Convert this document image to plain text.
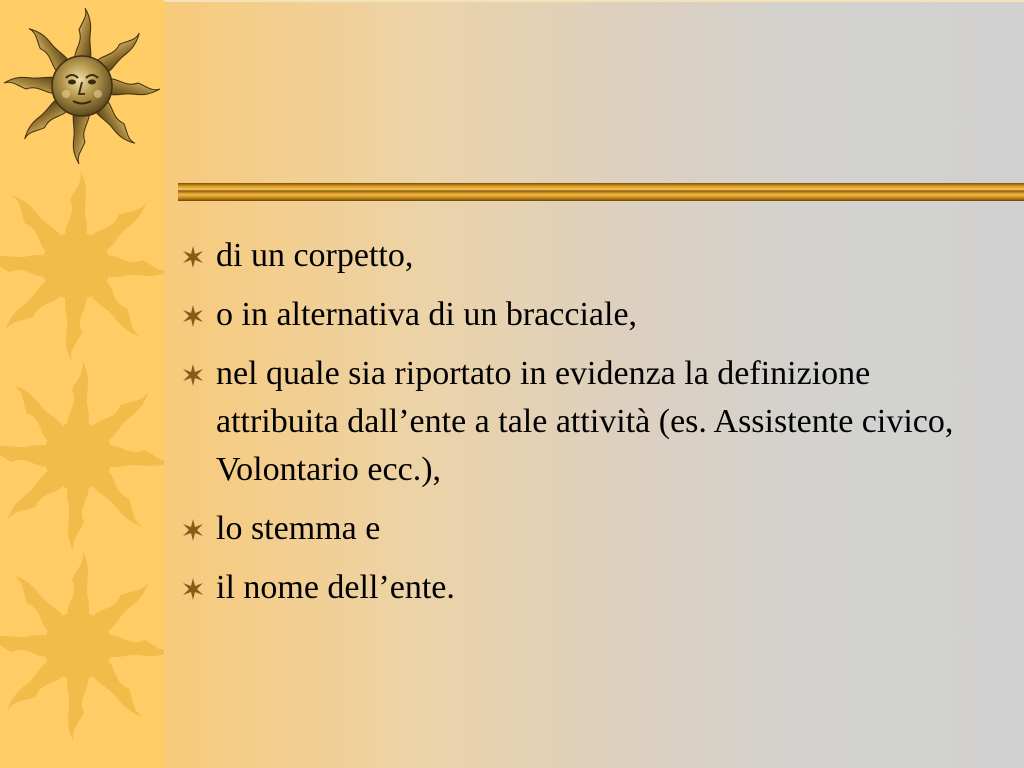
di un corpetto,
o in alternativa di un bracciale,
nel quale sia riportato in evidenza la definizione attribuita dall’ente a tale attività (es. Assistente civico, Volontario ecc.),
lo stemma e
il nome dell’ente.
